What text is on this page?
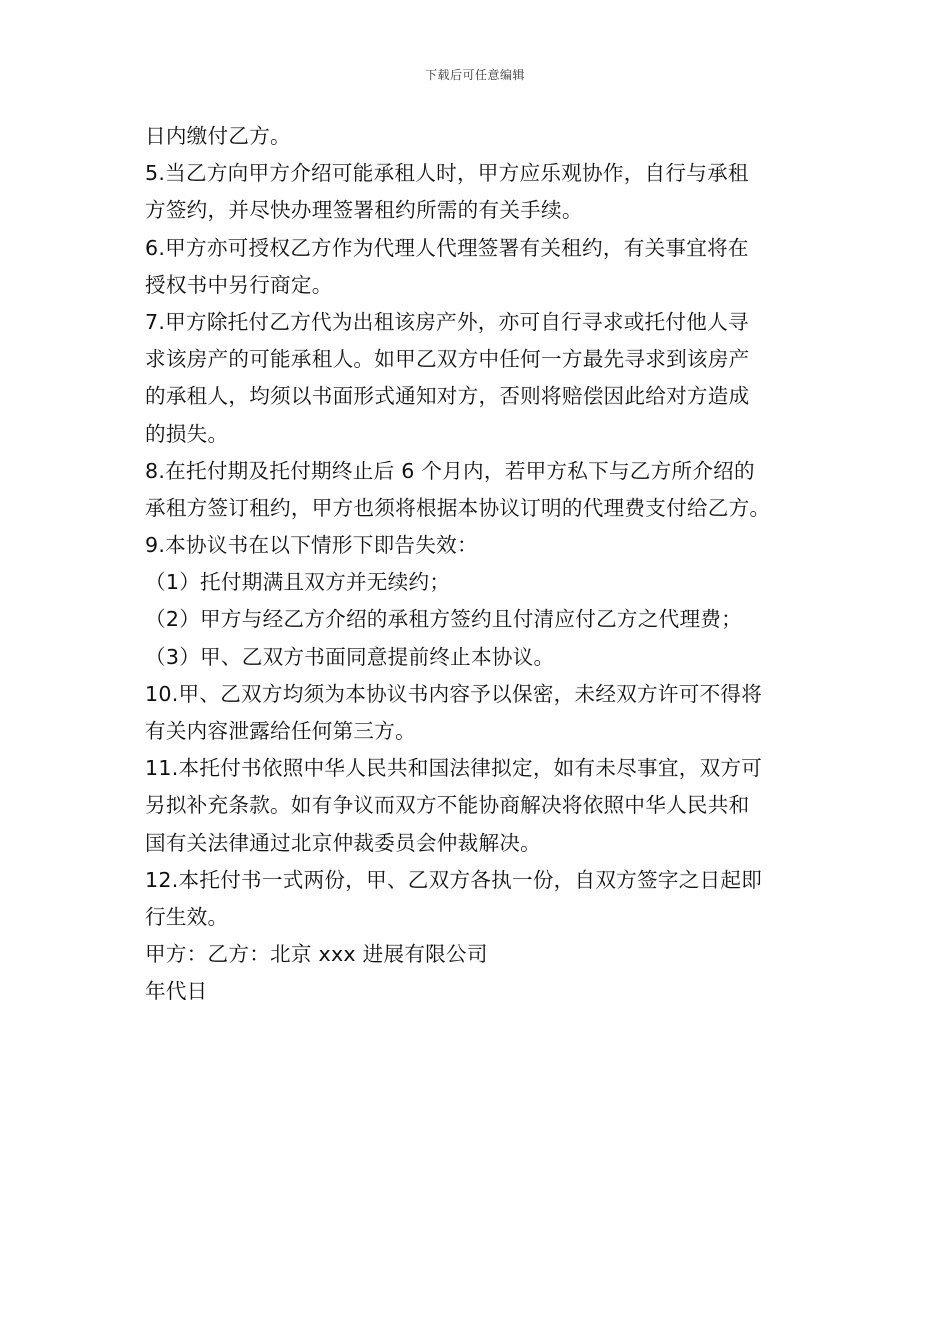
下载后可任意编辑
日内缴付乙方。
5.当乙方向甲方介绍可能承租人时，甲方应乐观协作，自行与承租
方签约，并尽快办理签署租约所需的有关手续。
6.甲方亦可授权乙方作为代理人代理签署有关租约，有关事宜将在
授权书中另行商定。
7.甲方除托付乙方代为出租该房产外，亦可自行寻求或托付他人寻
求该房产的可能承租人。如甲乙双方中任何一方最先寻求到该房产
的承租人，均须以书面形式通知对方，否则将赔偿因此给对方造成
的损失。
8.在托付期及托付期终止后 6 个月内，若甲方私下与乙方所介绍的
承租方签订租约，甲方也须将根据本协议订明的代理费支付给乙方。
9.本协议书在以下情形下即告失效：
（1）托付期满且双方并无续约；
（2）甲方与经乙方介绍的承租方签约且付清应付乙方之代理费；
（3）甲、乙双方书面同意提前终止本协议。
10.甲、乙双方均须为本协议书内容予以保密，未经双方许可不得将
有关内容泄露给任何第三方。
11.本托付书依照中华人民共和国法律拟定，如有未尽事宜，双方可
另拟补充条款。如有争议而双方不能协商解决将依照中华人民共和
国有关法律通过北京仲裁委员会仲裁解决。
12.本托付书一式两份，甲、乙双方各执一份，自双方签字之日起即
行生效。
甲方：乙方：北京 xxx 进展有限公司
年代日
